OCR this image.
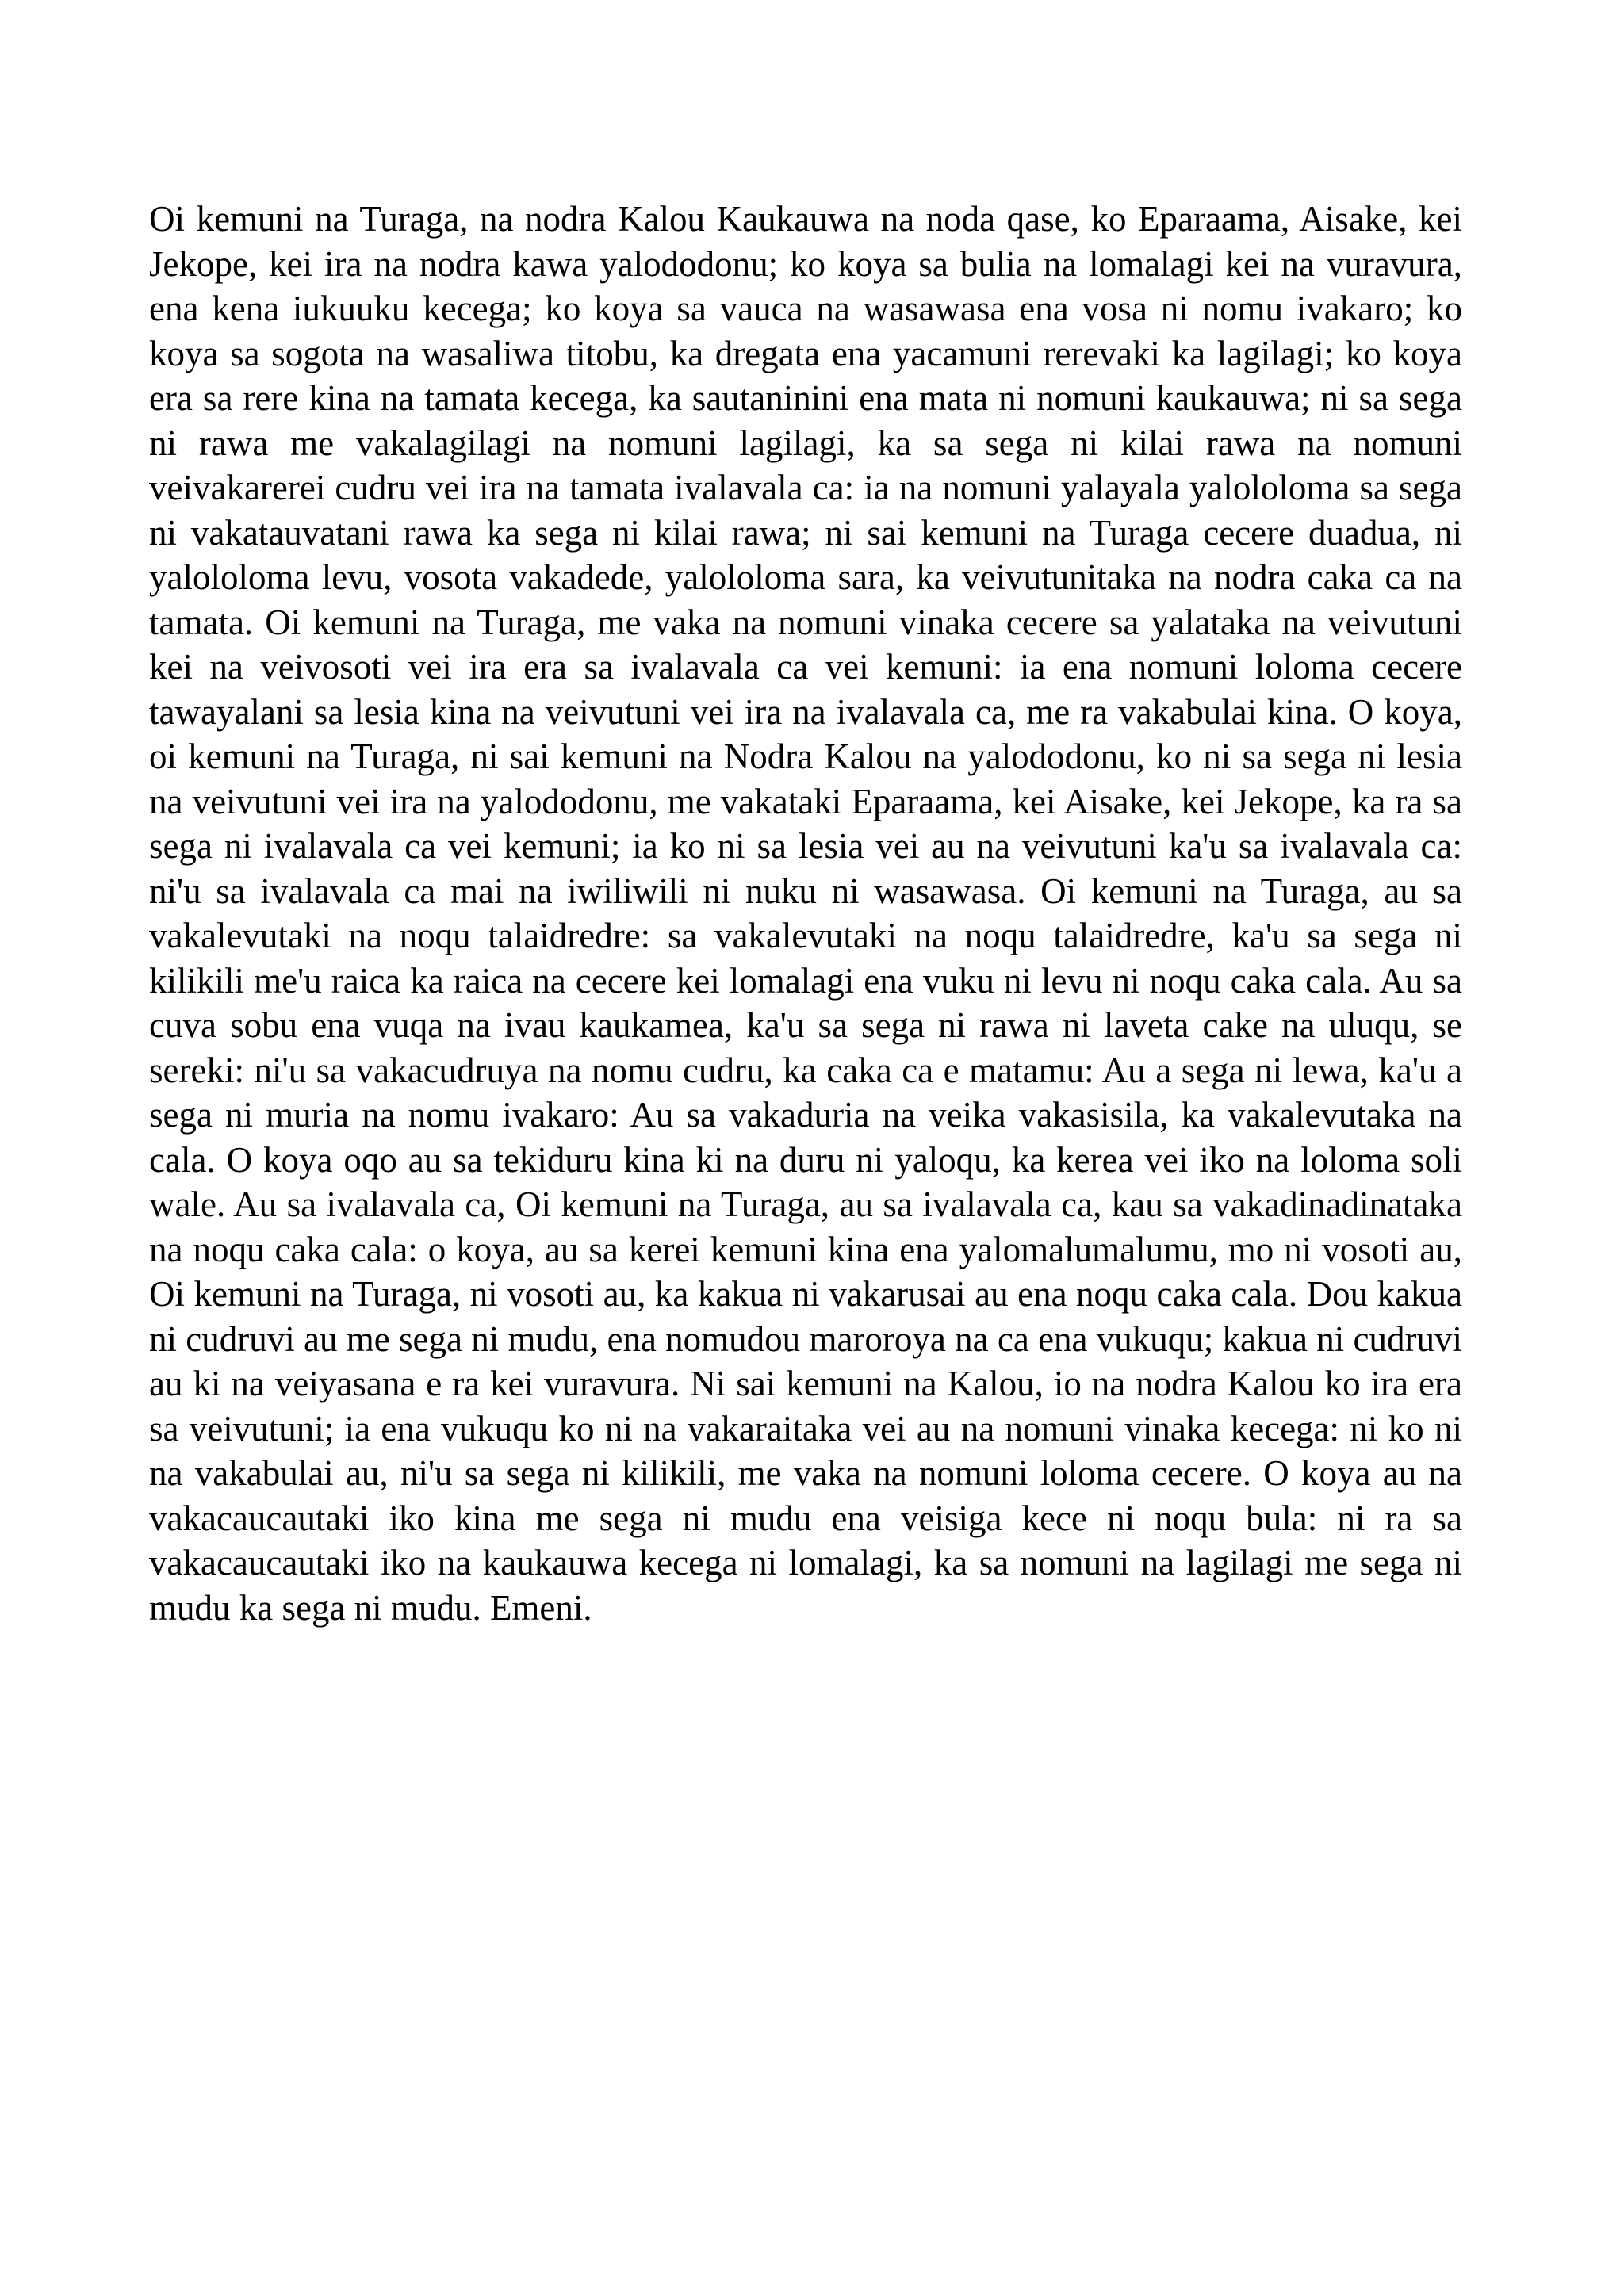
Oi kemuni na Turaga, na nodra Kalou Kaukauwa na noda qase, ko Eparaama, Aisake, kei Jekope, kei ira na nodra kawa yalododonu; ko koya sa bulia na lomalagi kei na vuravura, ena kena iukuuku kecega; ko koya sa vauca na wasawasa ena vosa ni nomu ivakaro; ko koya sa sogota na wasaliwa titobu, ka dregata ena yacamuni rerevaki ka lagilagi; ko koya era sa rere kina na tamata kecega, ka sautaninini ena mata ni nomuni kaukauwa; ni sa sega ni rawa me vakalagilagi na nomuni lagilagi, ka sa sega ni kilai rawa na nomuni veivakarerei cudru vei ira na tamata ivalavala ca: ia na nomuni yalayala yalololoma sa sega ni vakatauvatani rawa ka sega ni kilai rawa; ni sai kemuni na Turaga cecere duadua, ni yalololoma levu, vosota vakadede, yalololoma sara, ka veivutunitaka na nodra caka ca na tamata. Oi kemuni na Turaga, me vaka na nomuni vinaka cecere sa yalataka na veivutuni kei na veivosoti vei ira era sa ivalavala ca vei kemuni: ia ena nomuni loloma cecere tawayalani sa lesia kina na veivutuni vei ira na ivalavala ca, me ra vakabulai kina. O koya, oi kemuni na Turaga, ni sai kemuni na Nodra Kalou na yalododonu, ko ni sa sega ni lesia na veivutuni vei ira na yalododonu, me vakataki Eparaama, kei Aisake, kei Jekope, ka ra sa sega ni ivalavala ca vei kemuni; ia ko ni sa lesia vei au na veivutuni ka'u sa ivalavala ca: ni'u sa ivalavala ca mai na iwiliwili ni nuku ni wasawasa. Oi kemuni na Turaga, au sa vakalevutaki na noqu talaidredre: sa vakalevutaki na noqu talaidredre, ka'u sa sega ni kilikili me'u raica ka raica na cecere kei lomalagi ena vuku ni levu ni noqu caka cala. Au sa cuva sobu ena vuqa na ivau kaukamea, ka'u sa sega ni rawa ni laveta cake na uluqu, se sereki: ni'u sa vakacudruya na nomu cudru, ka caka ca e matamu: Au a sega ni lewa, ka'u a sega ni muria na nomu ivakaro: Au sa vakaduria na veika vakasisila, ka vakalevutaka na cala. O koya oqo au sa tekiduru kina ki na duru ni yaloqu, ka kerea vei iko na loloma soli wale. Au sa ivalavala ca, Oi kemuni na Turaga, au sa ivalavala ca, kau sa vakadinadinataka na noqu caka cala: o koya, au sa kerei kemuni kina ena yalomalumalumu, mo ni vosoti au, Oi kemuni na Turaga, ni vosoti au, ka kakua ni vakarusai au ena noqu caka cala. Dou kakua ni cudruvi au me sega ni mudu, ena nomudou maroroya na ca ena vukuqu; kakua ni cudruvi au ki na veiyasana e ra kei vuravura. Ni sai kemuni na Kalou, io na nodra Kalou ko ira era sa veivutuni; ia ena vukuqu ko ni na vakaraitaka vei au na nomuni vinaka kecega: ni ko ni na vakabulai au, ni'u sa sega ni kilikili, me vaka na nomuni loloma cecere. O koya au na vakacaucautaki iko kina me sega ni mudu ena veisiga kece ni noqu bula: ni ra sa vakacaucautaki iko na kaukauwa kecega ni lomalagi, ka sa nomuni na lagilagi me sega ni mudu ka sega ni mudu. Emeni.
